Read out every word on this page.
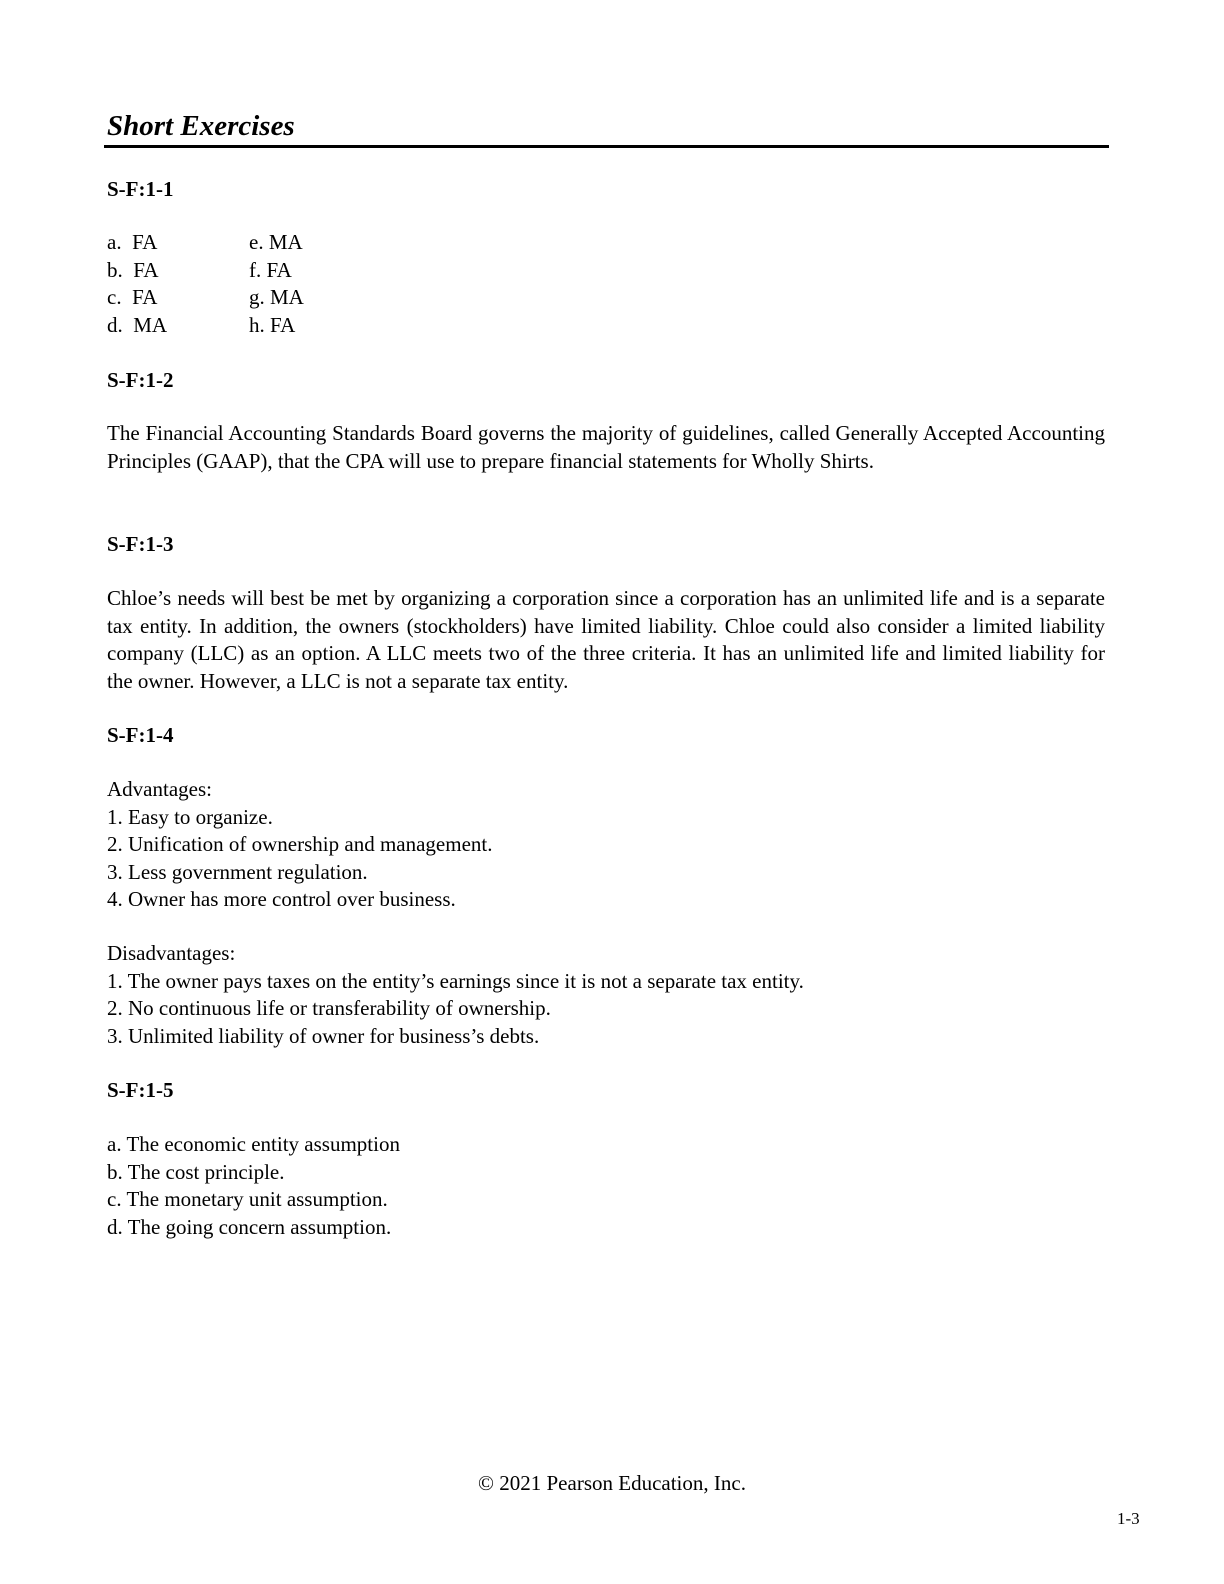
Short Exercises
S-F:1-1
a.  FA	e. MA
b.  FA	f. FA
c.  FA	g. MA
d.  MA	h. FA
S-F:1-2

The Financial Accounting Standards Board governs the majority of guidelines, called Generally Accepted Accounting Principles (GAAP), that the CPA will use to prepare financial statements for Wholly Shirts.

S-F:1-3

Chloe’s needs will best be met by organizing a corporation since a corporation has an unlimited life and is a separate tax entity. In addition, the owners (stockholders) have limited liability. Chloe could also consider a limited liability company (LLC) as an option. A LLC meets two of the three criteria. It has an unlimited life and limited liability for the owner. However, a LLC is not a separate tax entity.

S-F:1-4
Advantages:
1. Easy to organize.
2. Unification of ownership and management.
3. Less government regulation.
4. Owner has more control over business.
Disadvantages:
1. The owner pays taxes on the entity’s earnings since it is not a separate tax entity.
2. No continuous life or transferability of ownership.
3. Unlimited liability of owner for business’s debts.
S-F:1-5
a. The economic entity assumption
b. The cost principle.
c. The monetary unit assumption.
d. The going concern assumption.
© 2021 Pearson Education, Inc.
1-3
